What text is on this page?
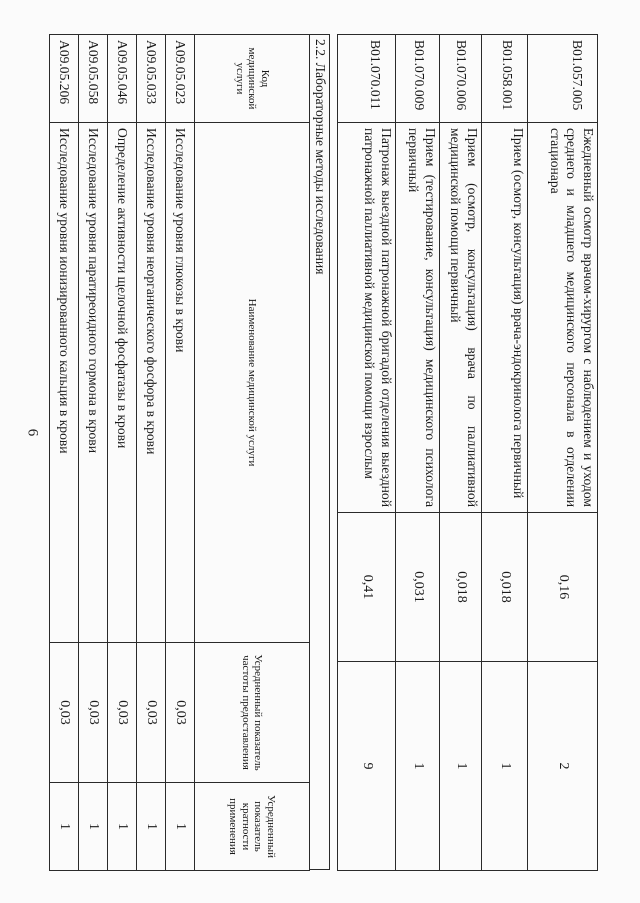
6
B01.057.005	Ежедневный осмотр врачом-хирургом с наблюдением и уходом среднего и младшего медицинского персонала в отделении стационара	0,16	2
B01.058.001	Прием (осмотр, консультация) врача-эндокринолога первичный	0,018	1
B01.070.006	Прием (осмотр, консультация) врача по паллиативной медицинской помощи первичный	0,018	1
B01.070.009	Прием (тестирование, консультация) медицинского психолога первичный	0,031	1
B01.070.011	Патронаж выездной патронажной бригадой отделения выездной патронажной паллиативной медицинской помощи взрослым	0,41	9
2.2. Лабораторные методы исследования
Код медицинской услуги	Наименование медицинской услуги	Усредненный показатель частоты предоставления	Усредненный показатель кратности применения
A09.05.023	Исследование уровня глюкозы в крови	0,03	1
A09.05.033	Исследование уровня неорганического фосфора в крови	0,03	1
A09.05.046	Определение активности щелочной фосфатазы в крови	0,03	1
A09.05.058	Исследование уровня паратиреоидного гормона в крови	0,03	1
A09.05.206	Исследование уровня ионизированного кальция в крови	0,03	1
